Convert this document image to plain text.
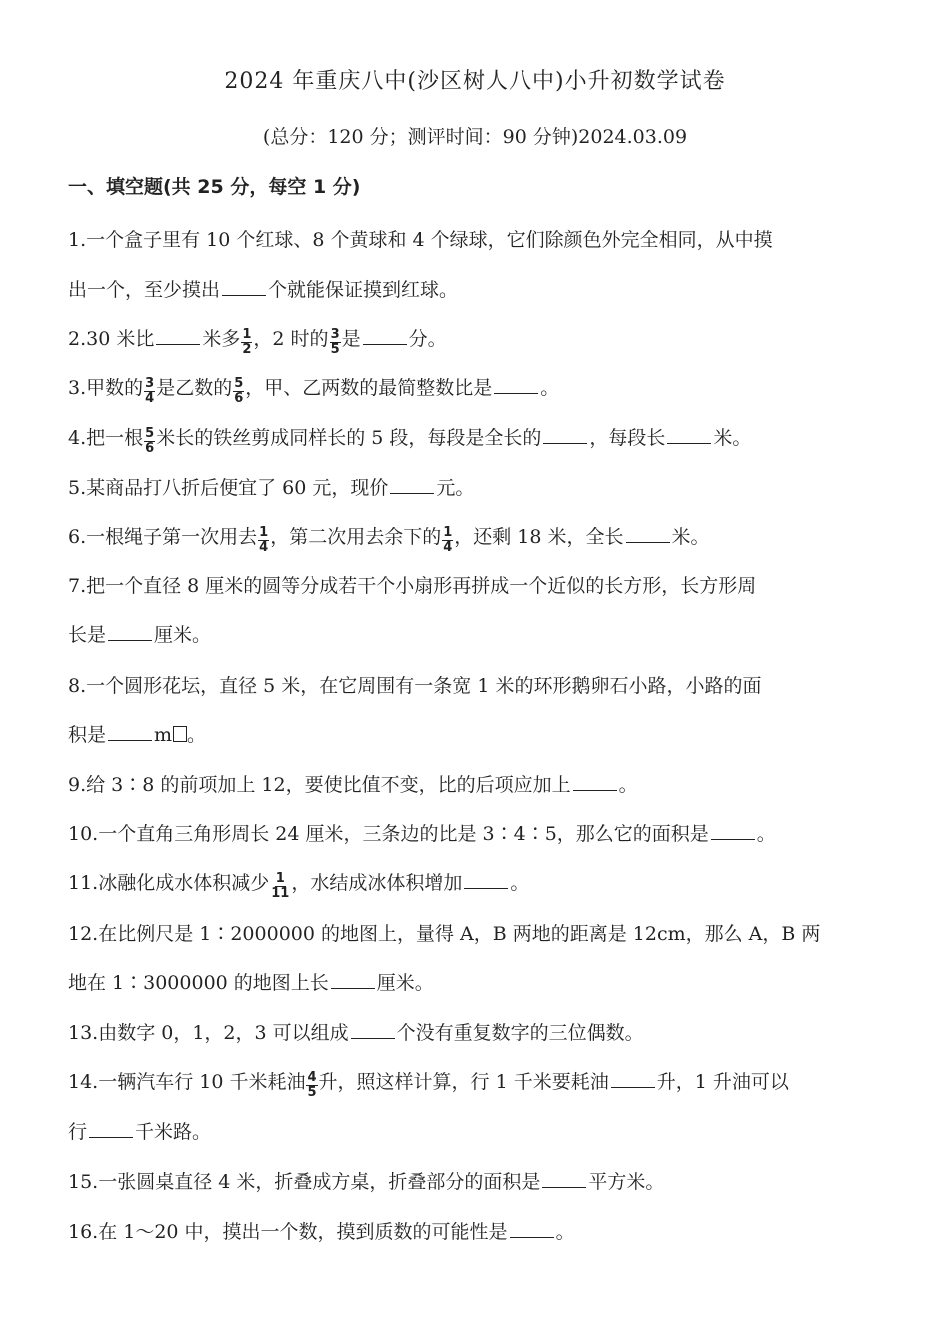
2024 年重庆八中(沙区树人八中)小升初数学试卷
(总分：120 分；测评时间：90 分钟)2024.03.09
一、填空题(共 25 分，每空 1 分)
1.一个盒子里有 10 个红球、8 个黄球和 4 个绿球，它们除颜色外完全相同，从中摸
出一个，至少摸出	个就能保证摸到红球。
2.30 米比	米多 $\frac{1}{2}$ ，2 时的 $\frac{3}{5}$ 是	分。
3.甲数的 $\frac{3}{4}$ 是乙数的 $\frac{5}{6}$ ，甲、乙两数的最简整数比是	。
4.把一根 $\frac{5}{6}$ 米长的铁丝剪成同样长的 5 段，每段是全长的	，每段长	米。
5.某商品打八折后便宜了 60 元，现价	元。
6.一根绳子第一次用去 $\frac{1}{4}$ ，第二次用去余下的 $\frac{1}{4}$ ，还剩 18 米，全长	米。
7.把一个直径 8 厘米的圆等分成若干个小扇形再拼成一个近似的长方形，长方形周
长是	厘米。
8.一个圆形花坛，直径 5 米，在它周围有一条宽 1 米的环形鹅卵石小路，小路的面
积是	m 。
9.给 3∶8 的前项加上 12，要使比值不变，比的后项应加上	。
10.一个直角三角形周长 24 厘米，三条边的比是 3∶4∶5，那么它的面积是	。
11.冰融化成水体积减少 $\frac{1}{11}$ ，水结成冰体积增加	。
12.在比例尺是 1∶2000000 的地图上，量得 A，B 两地的距离是 12cm，那么 A，B 两
地在 1∶3000000 的地图上长	厘米。
13.由数字 0，1，2，3 可以组成	个没有重复数字的三位偶数。
14.一辆汽车行 10 千米耗油 $\frac{4}{5}$ 升，照这样计算，行 1 千米要耗油	升，1 升油可以
行	千米路。
15.一张圆桌直径 4 米，折叠成方桌，折叠部分的面积是	平方米。
16.在 1～20 中，摸出一个数，摸到质数的可能性是	。
